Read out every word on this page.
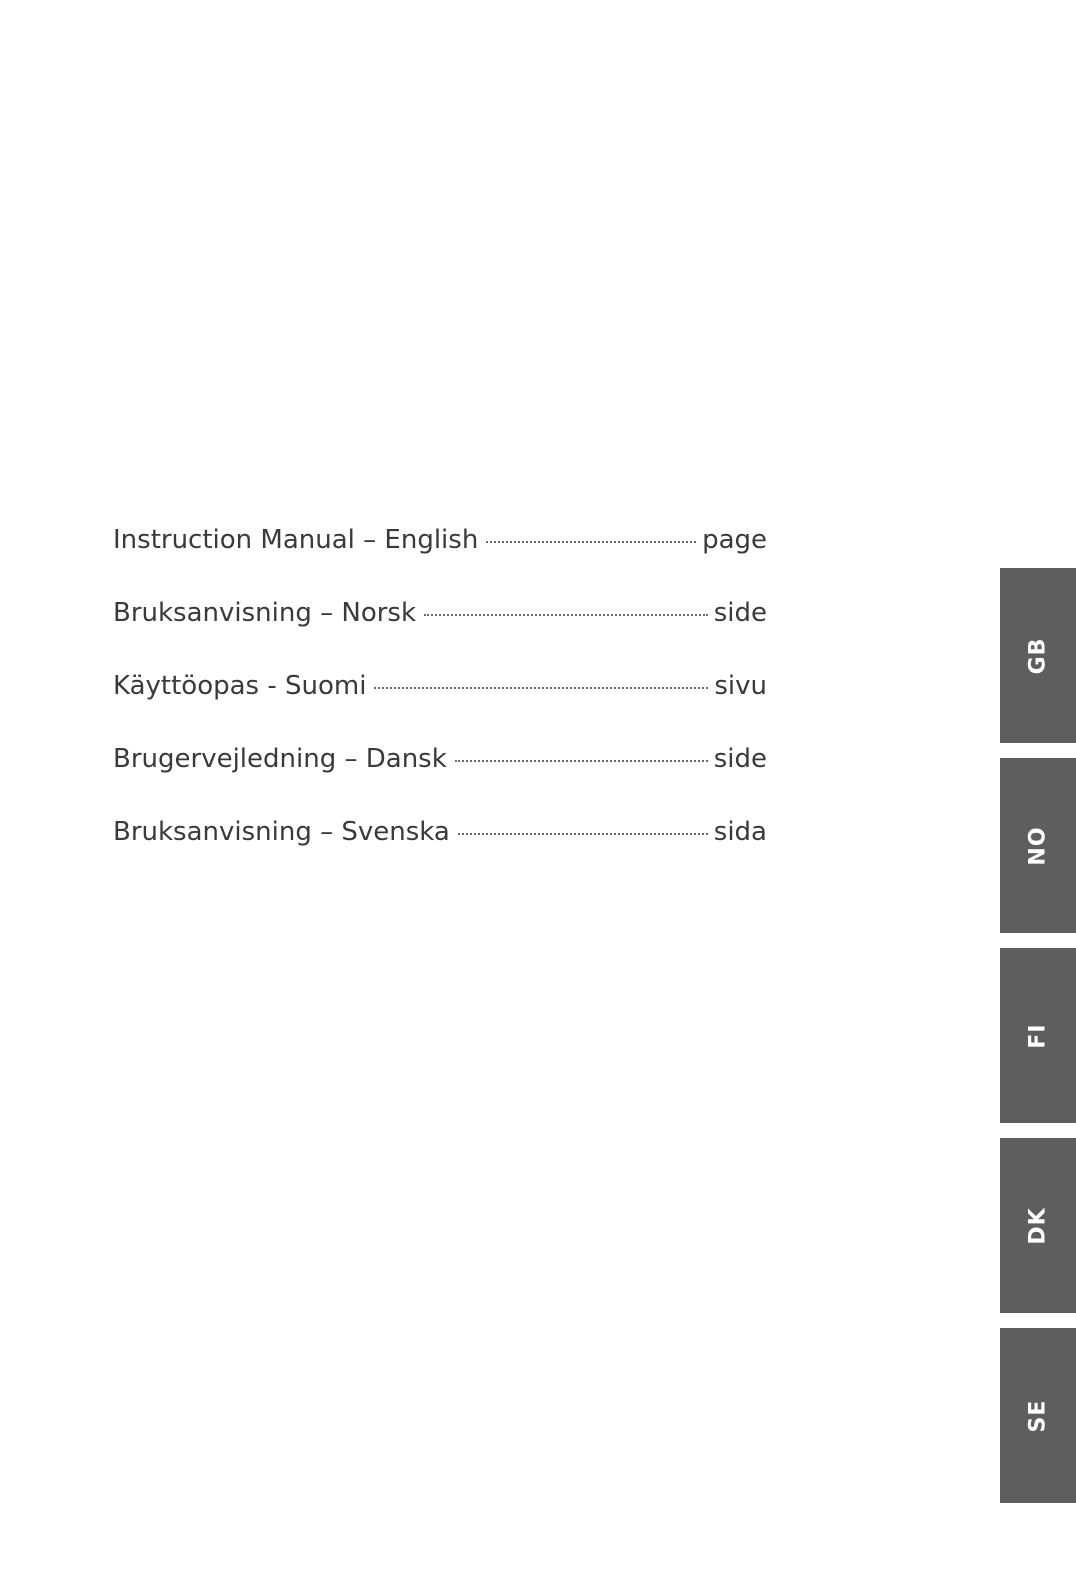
Instruction Manual – English	page
Bruksanvisning – Norsk	side
Käyttöopas - Suomi	sivu
Brugervejledning – Dansk	side
Bruksanvisning – Svenska	sida
GB
NO
FI
DK
SE
